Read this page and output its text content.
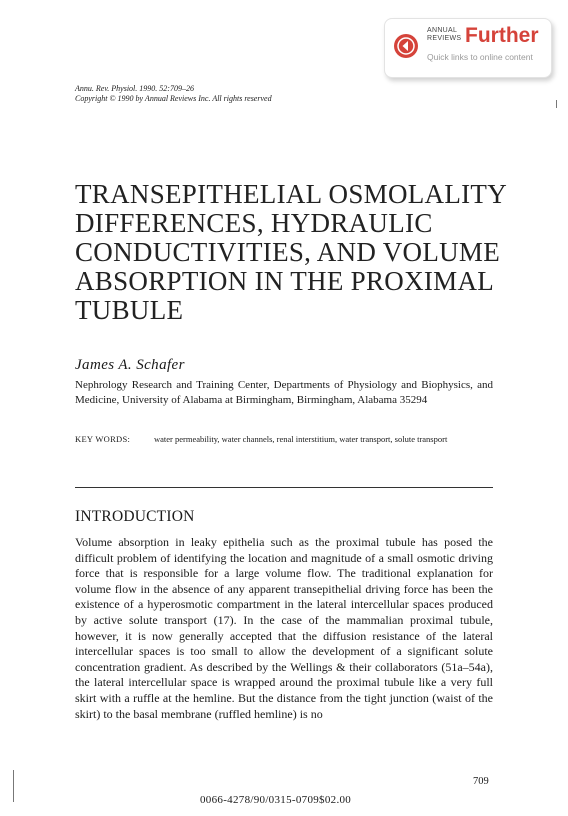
ANNUAL
REVIEWS Further
Quick links to online content
Annu. Rev. Physiol. 1990. 52:709–26
Copyright © 1990 by Annual Reviews Inc. All rights reserved
TRANSEPITHELIAL OSMOLALITY
DIFFERENCES, HYDRAULIC
CONDUCTIVITIES, AND VOLUME
ABSORPTION IN THE PROXIMAL
TUBULE
James A. Schafer
Nephrology Research and Training Center, Departments of Physiology and Biophysics, and Medicine, University of Alabama at Birmingham, Birmingham, Alabama 35294
KEY WORDS:	water permeability, water channels, renal interstitium, water transport, solute transport
INTRODUCTION
Volume absorption in leaky epithelia such as the proximal tubule has posed the difficult problem of identifying the location and magnitude of a small osmotic driving force that is responsible for a large volume flow. The traditional explanation for volume flow in the absence of any apparent transepithelial driving force has been the existence of a hyperosmotic compartment in the lateral intercellular spaces produced by active solute transport (17). In the case of the mammalian proximal tubule, however, it is now generally accepted that the diffusion resistance of the lateral intercellular spaces is too small to allow the development of a significant solute concentration gradient. As described by the Wellings & their collaborators (51a–54a), the lateral intercellular space is wrapped around the proximal tubule like a very full skirt with a ruffle at the hemline. But the distance from the tight junction (waist of the skirt) to the basal membrane (ruffled hemline) is no
709
0066-4278/90/0315-0709$02.00
